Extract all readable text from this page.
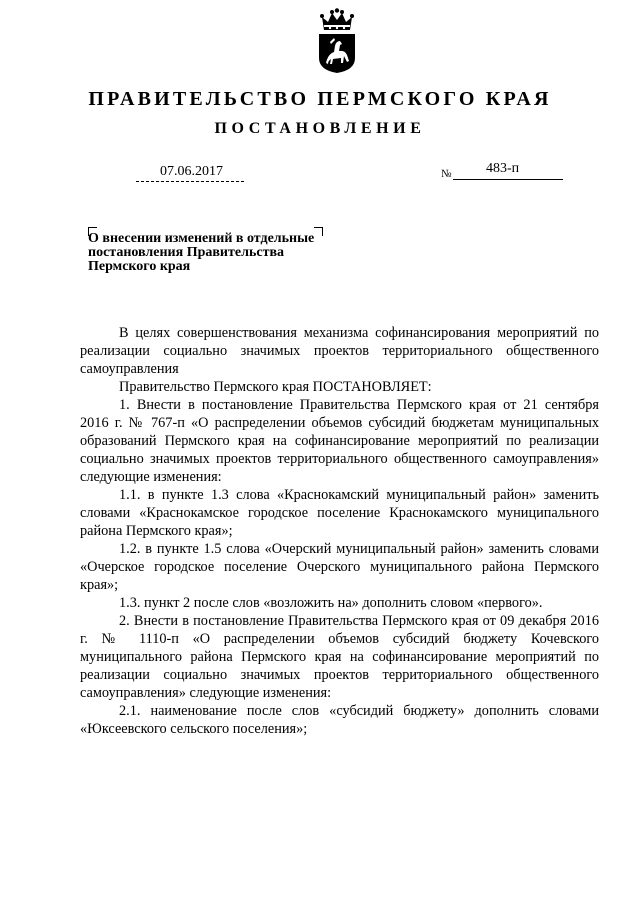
ПРАВИТЕЛЬСТВО ПЕРМСКОГО КРАЯ
ПОСТАНОВЛЕНИЕ
07.06.2017	№ 483-п
О внесении изменений в отдельные
постановления Правительства
Пермского края

В целях совершенствования механизма софинансирования мероприятий по реализации социально значимых проектов территориального общественного самоуправления

Правительство Пермского края ПОСТАНОВЛЯЕТ:

1. Внести в постановление Правительства Пермского края от 21 сентября 2016 г. № 767-п «О распределении объемов субсидий бюджетам муниципальных образований Пермского края на софинансирование мероприятий по реализации социально значимых проектов территориального общественного самоуправления» следующие изменения:

1.1. в пункте 1.3 слова «Краснокамский муниципальный район» заменить словами «Краснокамское городское поселение Краснокамского муниципального района Пермского края»;

1.2. в пункте 1.5 слова «Очерский муниципальный район» заменить словами «Очерское городское поселение Очерского муниципального района Пермского края»;

1.3. пункт 2 после слов «возложить на» дополнить словом «первого».

2. Внести в постановление Правительства Пермского края от 09 декабря 2016 г. № 1110-п «О распределении объемов субсидий бюджету Кочевского муниципального района Пермского края на софинансирование мероприятий по реализации социально значимых проектов территориального общественного самоуправления» следующие изменения:

2.1. наименование после слов «субсидий бюджету» дополнить словами «Юксеевского сельского поселения»;
